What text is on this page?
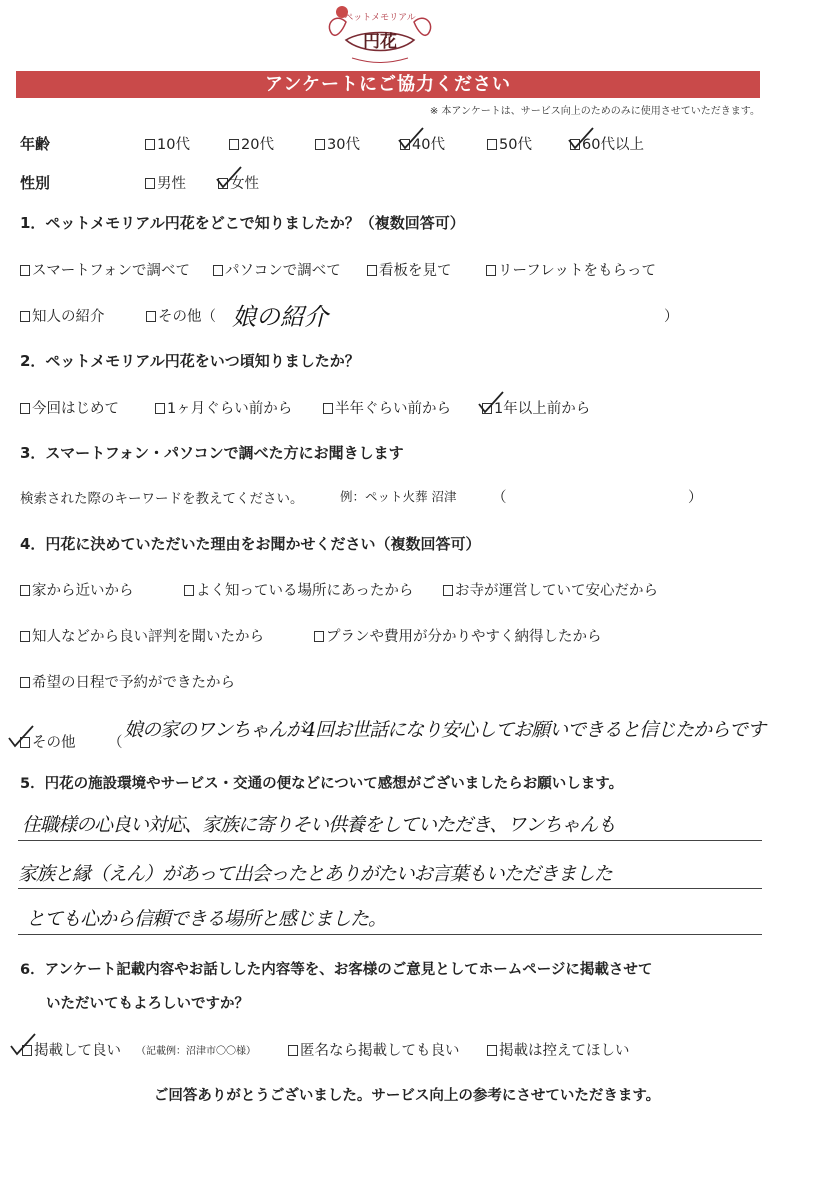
ペットメモリアル
円花
アンケートにご協力ください
※ 本アンケートは、サービス向上のためのみに使用させていただきます。
年齢	10代	20代	30代	40代	50代	60代以上
性別	男性	女性
1．ペットメモリアル円花をどこで知りましたか？（複数回答可）
スマートフォンで調べて	パソコンで調べて	看板を見て	リーフレットをもらって
知人の紹介	その他（ 娘の紹介	）
2．ペットメモリアル円花をいつ頃知りましたか？
今回はじめて	1ヶ月ぐらい前から	半年ぐらい前から	1年以上前から
3．スマートフォン・パソコンで調べた方にお聞きします
検索された際のキーワードを教えてください。	例：ペット火葬 沼津 （	）
4．円花に決めていただいた理由をお聞かせください（複数回答可）
家から近いから	よく知っている場所にあったから	お寺が運営していて安心だから
知人などから良い評判を聞いたから	プランや費用が分かりやすく納得したから
希望の日程で予約ができたから
その他 （
娘の家のワンちゃんが4回お世話になり安心してお願いできると信じたからです
5．円花の施設環境やサービス・交通の便などについて感想がございましたらお願いします。
住職様の心良い対応、家族に寄りそい供養をしていただき、ワンちゃんも
家族と縁（えん）があって出会ったとありがたいお言葉もいただきました
とても心から信頼できる場所と感じました。
6．アンケート記載内容やお話しした内容等を、お客様のご意見としてホームページに掲載させて
いただいてもよろしいですか？
掲載して良い （記載例：沼津市〇〇様）	匿名なら掲載しても良い	掲載は控えてほしい
ご回答ありがとうございました。サービス向上の参考にさせていただきます。
